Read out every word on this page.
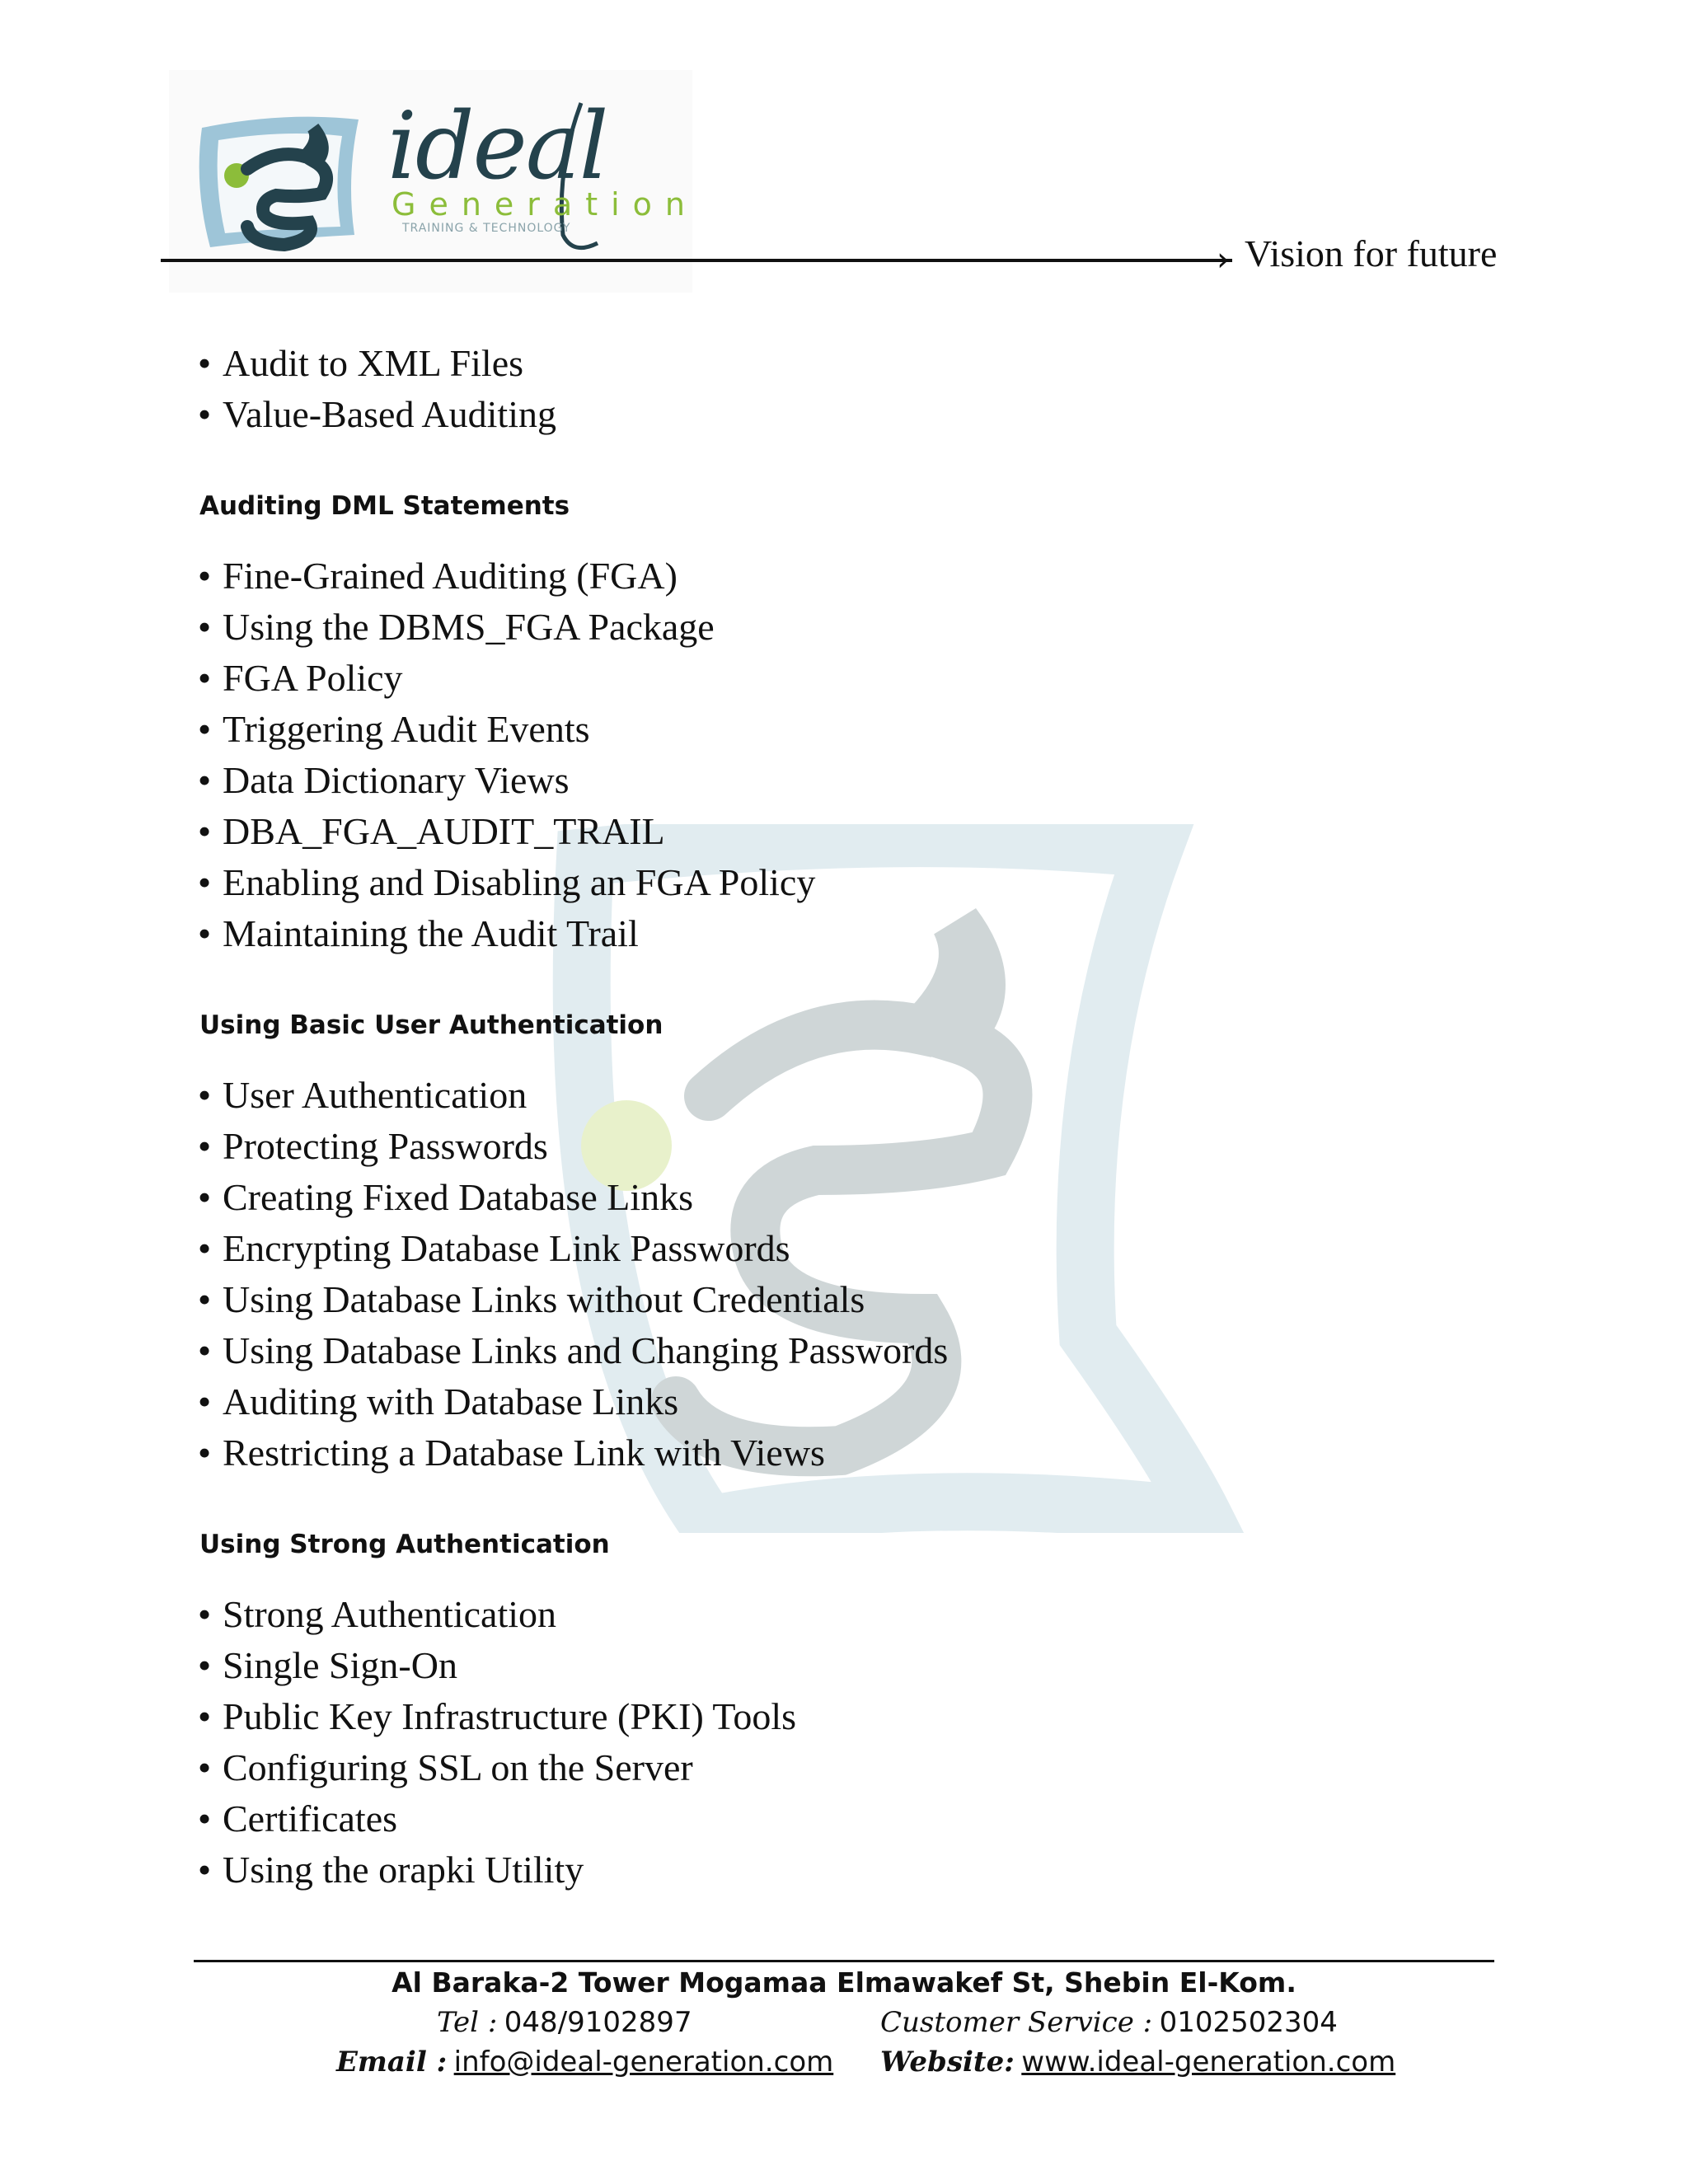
ideal
Generation
TRAINING & TECHNOLOGY
› Vision for future
• Audit to XML Files
• Value-Based Auditing
Auditing DML Statements
• Fine-Grained Auditing (FGA)
• Using the DBMS_FGA Package
• FGA Policy
• Triggering Audit Events
• Data Dictionary Views
• DBA_FGA_AUDIT_TRAIL
• Enabling and Disabling an FGA Policy
• Maintaining the Audit Trail
Using Basic User Authentication
• User Authentication
• Protecting Passwords
• Creating Fixed Database Links
• Encrypting Database Link Passwords
• Using Database Links without Credentials
• Using Database Links and Changing Passwords
• Auditing with Database Links
• Restricting a Database Link with Views
Using Strong Authentication
• Strong Authentication
• Single Sign-On
• Public Key Infrastructure (PKI) Tools
• Configuring SSL on the Server
• Certificates
• Using the orapki Utility
Al Baraka-2 Tower Mogamaa Elmawakef St, Shebin El-Kom.
Tel : 048/9102897	Customer Service : 0102502304
Email : info@ideal-generation.com Website: www.ideal-generation.com
